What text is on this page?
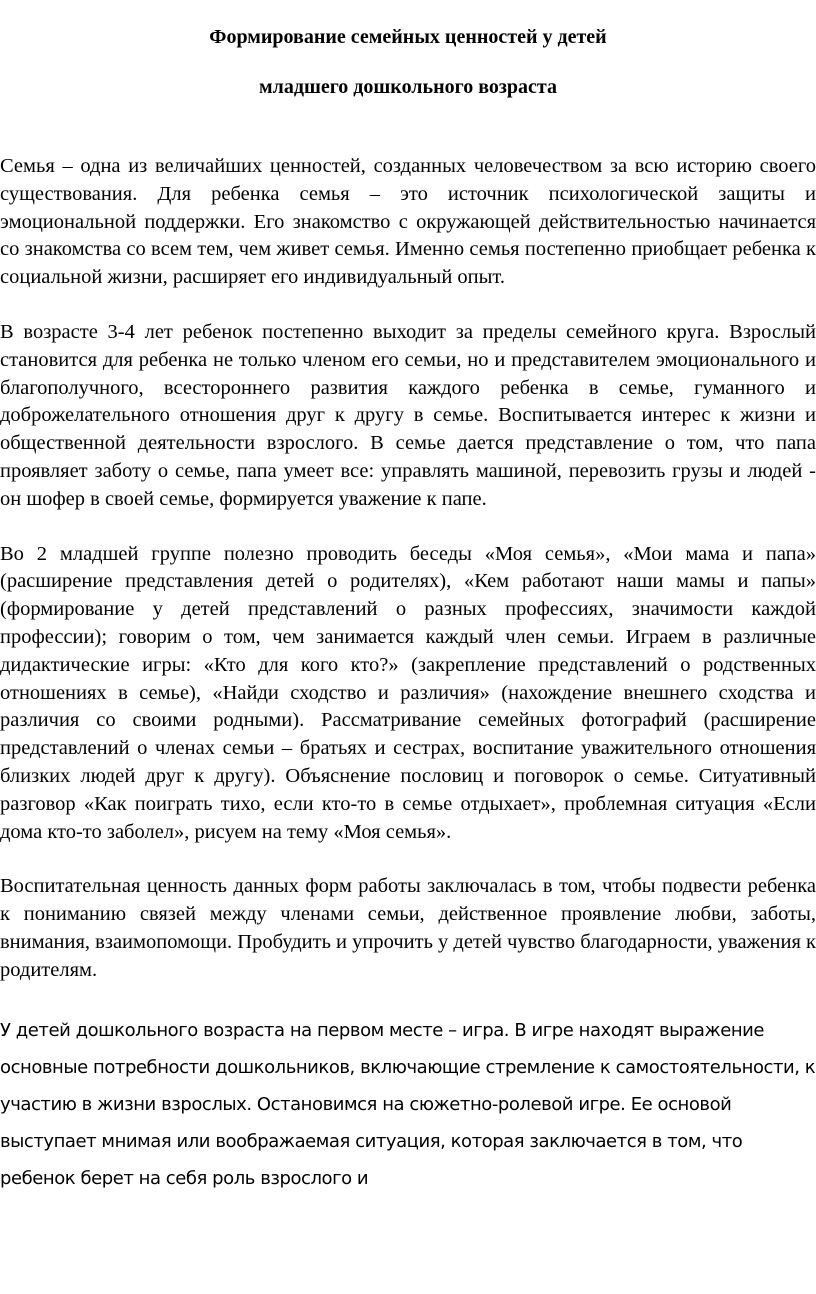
Формирование семейных ценностей у детей
младшего дошкольного возраста

Семья – одна из величайших ценностей, созданных человечеством за всю историю своего существования. Для ребенка семья – это источник психологической защиты и эмоциональной поддержки. Его знакомство с окружающей действительностью начинается со знакомства со всем тем, чем живет семья. Именно семья постепенно приобщает ребенка к социальной жизни, расширяет его индивидуальный опыт.

В возрасте 3-4 лет ребенок постепенно выходит за пределы семейного круга. Взрослый становится для ребенка не только членом его семьи, но и представителем эмоционального и благополучного, всестороннего развития каждого ребенка в семье, гуманного и доброжелательного отношения друг к другу в семье. Воспитывается интерес к жизни и общественной деятельности взрослого. В семье дается представление о том, что папа проявляет заботу о семье, папа умеет все: управлять машиной, перевозить грузы и людей - он шофер в своей семье, формируется уважение к папе.

Во 2 младшей группе полезно проводить беседы «Моя семья», «Мои мама и папа» (расширение представления детей о родителях), «Кем работают наши мамы и папы» (формирование у детей представлений о разных профессиях, значимости каждой профессии); говорим о том, чем занимается каждый член семьи. Играем в различные дидактические игры: «Кто для кого кто?» (закрепление представлений о родственных отношениях в семье), «Найди сходство и различия» (нахождение внешнего сходства и различия со своими родными). Рассматривание семейных фотографий (расширение представлений о членах семьи – братьях и сестрах, воспитание уважительного отношения близких людей друг к другу). Объяснение пословиц и поговорок о семье. Ситуативный разговор «Как поиграть тихо, если кто-то в семье отдыхает», проблемная ситуация «Если дома кто-то заболел», рисуем на тему «Моя семья».

Воспитательная ценность данных форм работы заключалась в том, чтобы подвести ребенка к пониманию связей между членами семьи, действенное проявление любви, заботы, внимания, взаимопомощи. Пробудить и упрочить у детей чувство благодарности, уважения к родителям.

У детей дошкольного возраста на первом месте – игра. В игре находят выражение основные потребности дошкольников, включающие стремление к самостоятельности, к участию в жизни взрослых. Остановимся на сюжетно-ролевой игре. Ее основой выступает мнимая или воображаемая ситуация, которая заключается в том, что ребенок берет на себя роль взрослого и
